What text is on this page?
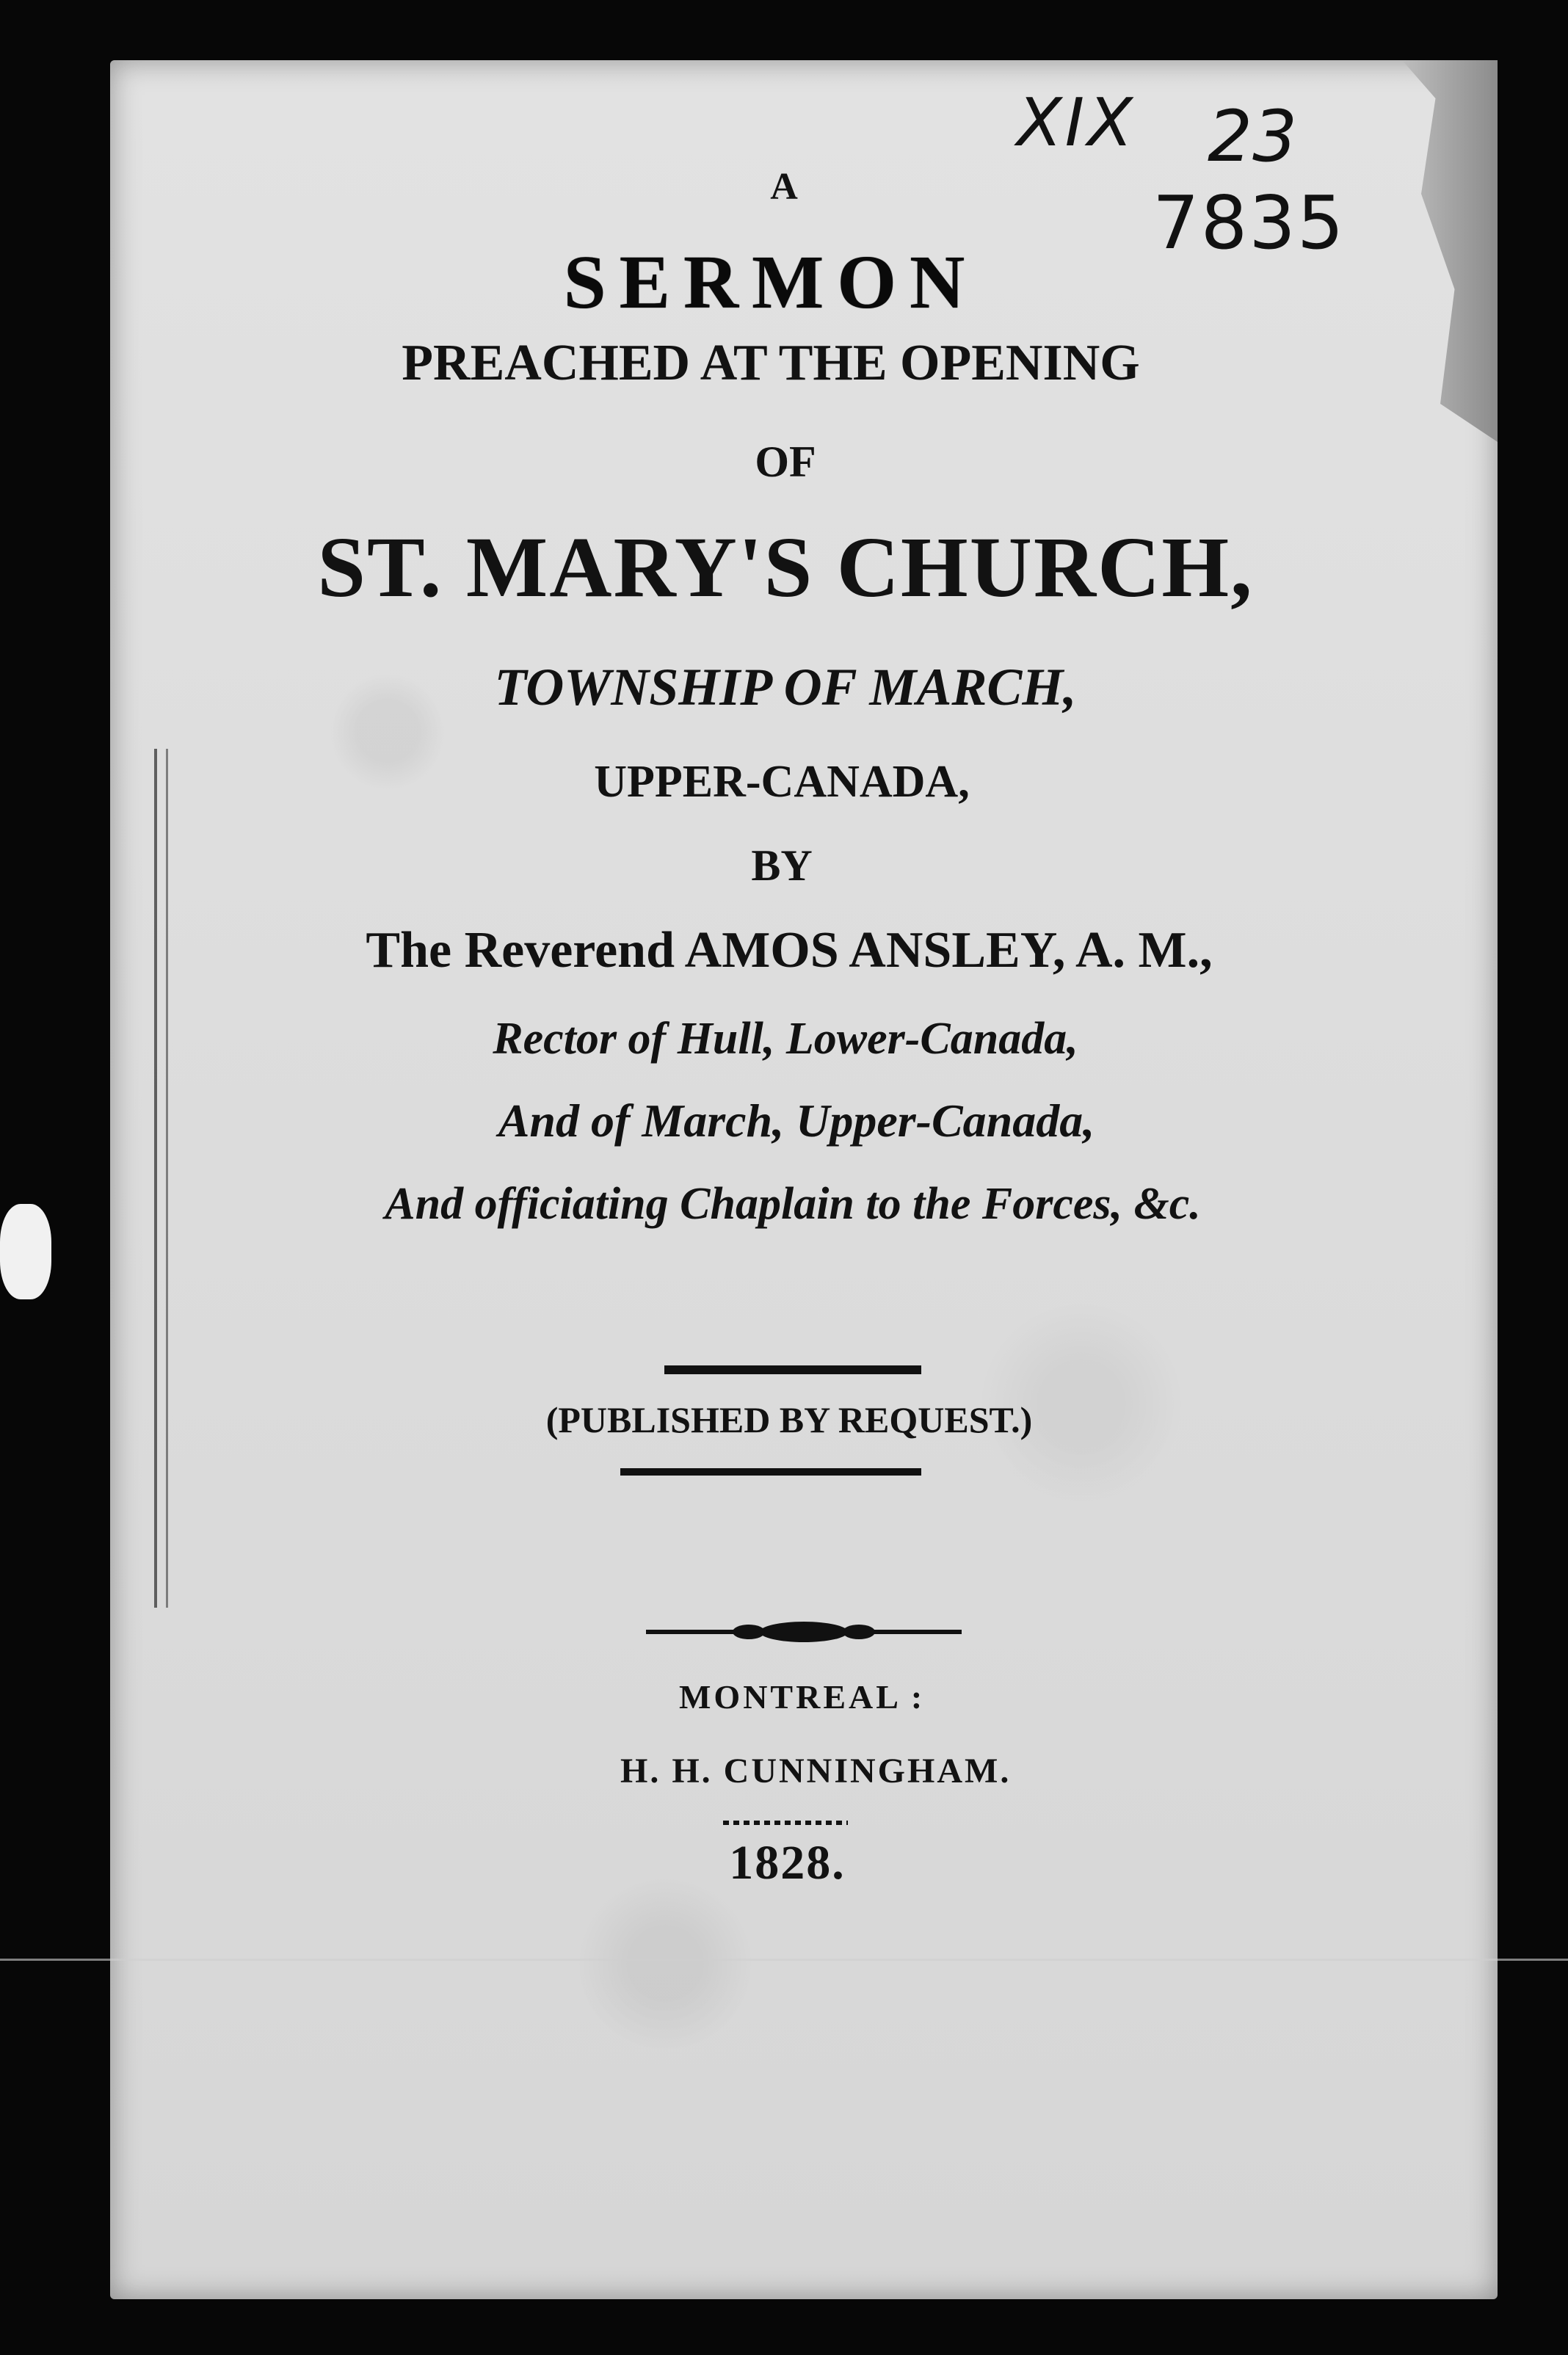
XIX 23
7835
A
SERMON
PREACHED AT THE OPENING
OF
ST. MARY'S CHURCH,
TOWNSHIP OF MARCH,
UPPER-CANADA,
BY
The Reverend AMOS ANSLEY, A. M.,
Rector of Hull, Lower-Canada,
And of March, Upper-Canada,
And officiating Chaplain to the Forces, &c.
(PUBLISHED BY REQUEST.)
MONTREAL :
H. H. CUNNINGHAM.
1828.
